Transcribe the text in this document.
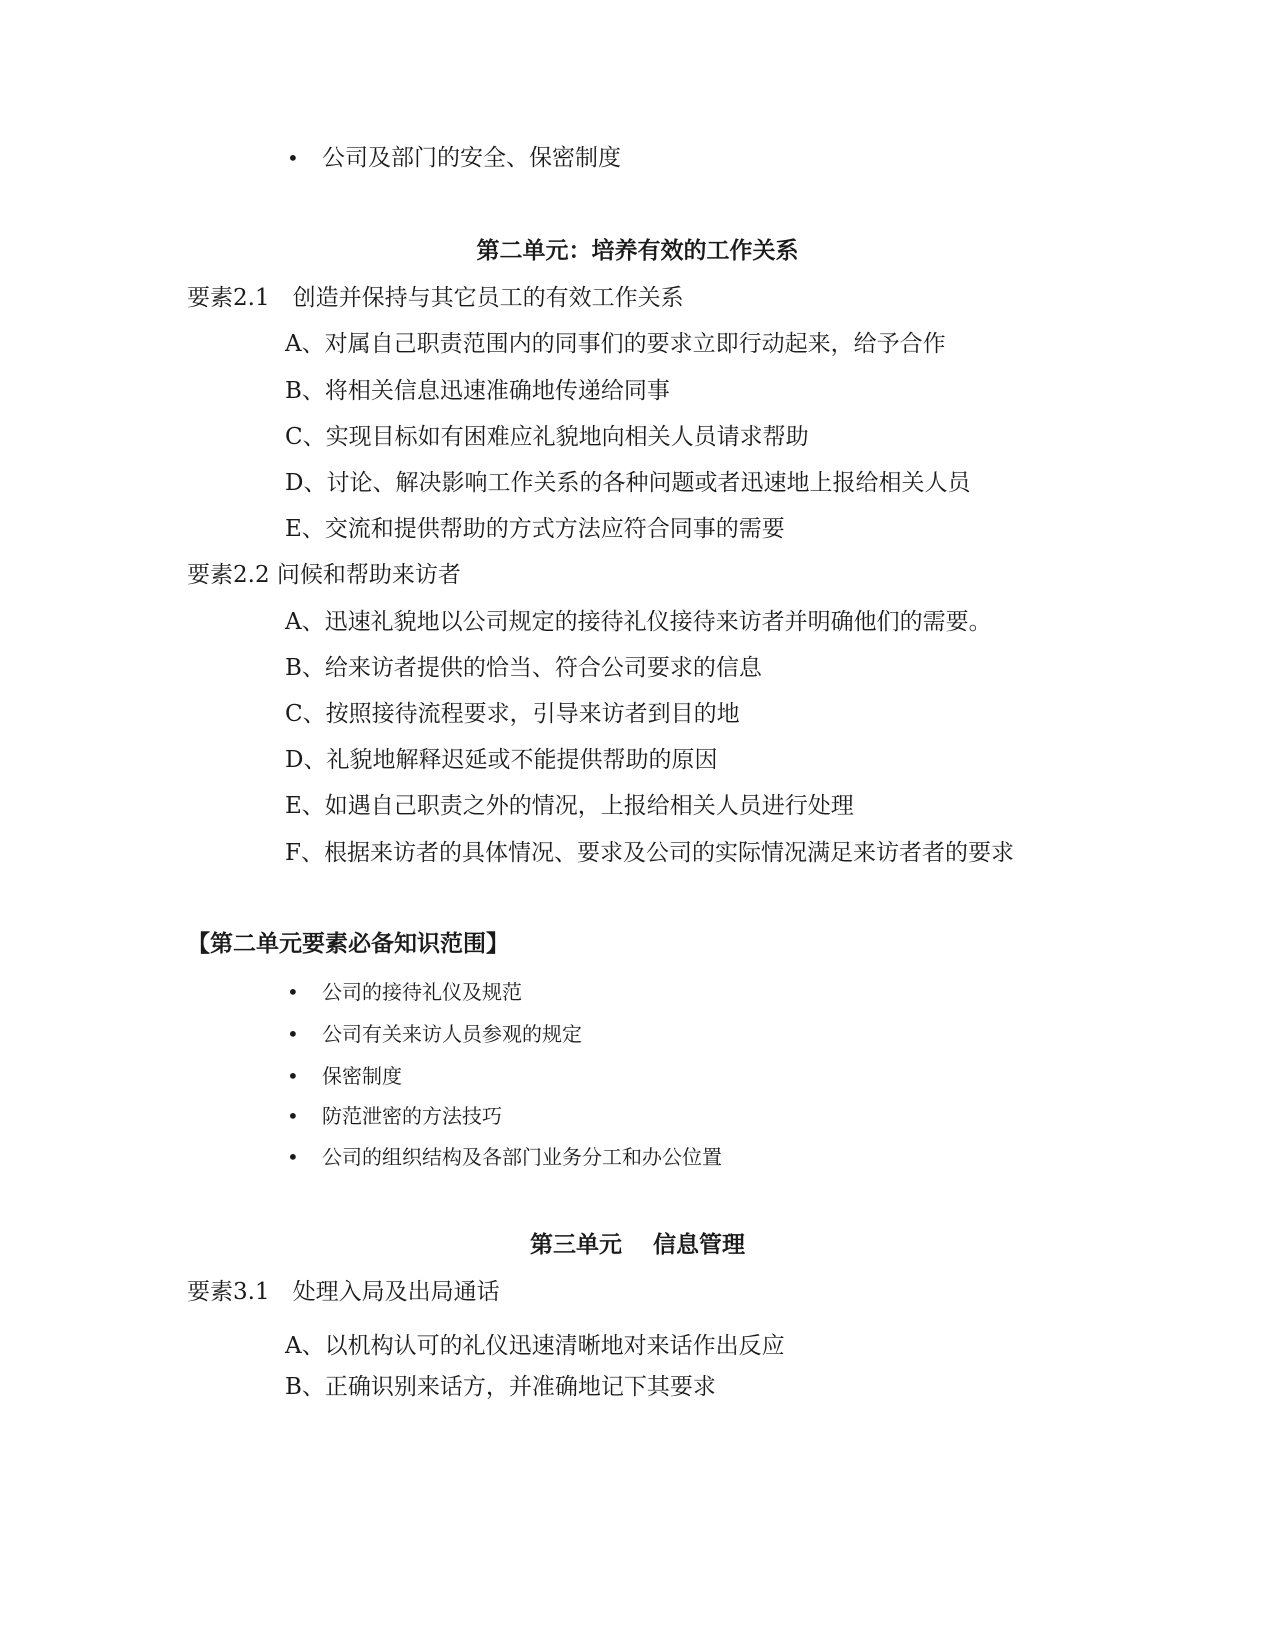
• 公司及部门的安全、保密制度
第二单元：培养有效的工作关系
要素2.1　创造并保持与其它员工的有效工作关系
A、对属自己职责范围内的同事们的要求立即行动起来，给予合作
B、将相关信息迅速准确地传递给同事
C、实现目标如有困难应礼貌地向相关人员请求帮助
D、讨论、解决影响工作关系的各种问题或者迅速地上报给相关人员
E、交流和提供帮助的方式方法应符合同事的需要
要素2.2 问候和帮助来访者
A、迅速礼貌地以公司规定的接待礼仪接待来访者并明确他们的需要。
B、给来访者提供的恰当、符合公司要求的信息
C、按照接待流程要求，引导来访者到目的地
D、礼貌地解释迟延或不能提供帮助的原因
E、如遇自己职责之外的情况，上报给相关人员进行处理
F、根据来访者的具体情况、要求及公司的实际情况满足来访者者的要求
【第二单元要素必备知识范围】
• 公司的接待礼仪及规范
• 公司有关来访人员参观的规定
• 保密制度
• 防范泄密的方法技巧
• 公司的组织结构及各部门业务分工和办公位置
第三单元　 信息管理
要素3.1　处理入局及出局通话
A、以机构认可的礼仪迅速清晰地对来话作出反应
B、正确识别来话方，并准确地记下其要求
